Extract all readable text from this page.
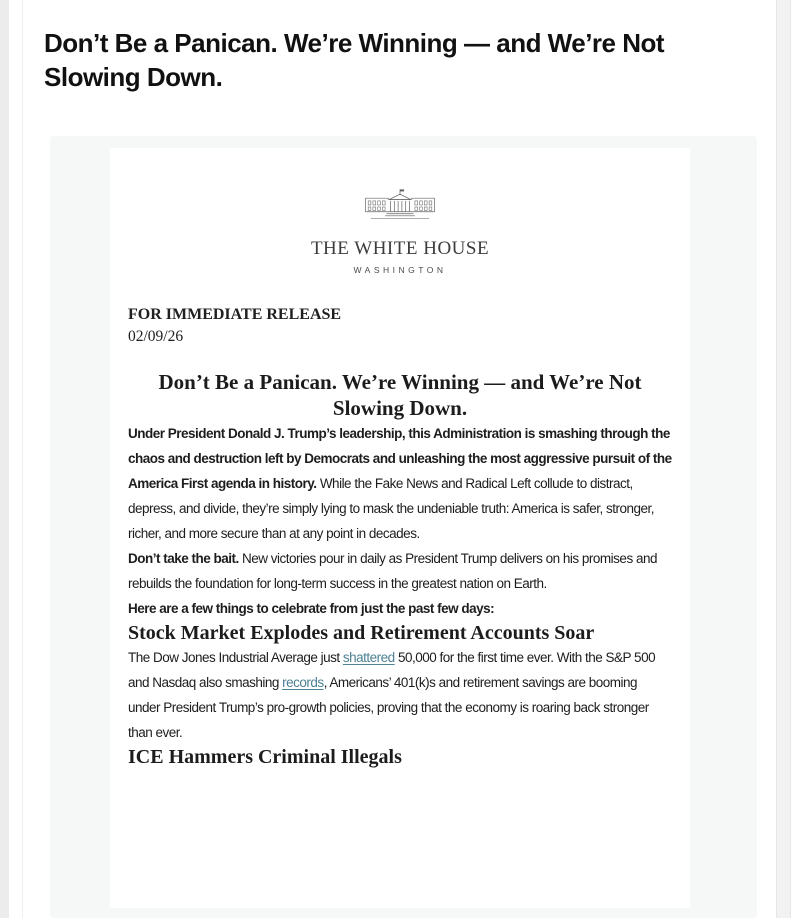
Don’t Be a Panican. We’re Winning — and We’re Not Slowing Down.
THE WHITE HOUSE
WASHINGTON

FOR IMMEDIATE RELEASE

02/09/26

Don’t Be a Panican. We’re Winning — and We’re Not Slowing Down.

Under President Donald J. Trump’s leadership, this Administration is smashing through the chaos and destruction left by Democrats and unleashing the most aggressive pursuit of the America First agenda in history. While the Fake News and Radical Left collude to distract, depress, and divide, they’re simply lying to mask the undeniable truth: America is safer, stronger, richer, and more secure than at any point in decades.

Don’t take the bait. New victories pour in daily as President Trump delivers on his promises and rebuilds the foundation for long-term success in the greatest nation on Earth.

Here are a few things to celebrate from just the past few days:

Stock Market Explodes and Retirement Accounts Soar

The Dow Jones Industrial Average just shattered 50,000 for the first time ever. With the S&P 500 and Nasdaq also smashing records, Americans’ 401(k)s and retirement savings are booming under President Trump’s pro-growth policies, proving that the economy is roaring back stronger than ever.

ICE Hammers Criminal Illegals
